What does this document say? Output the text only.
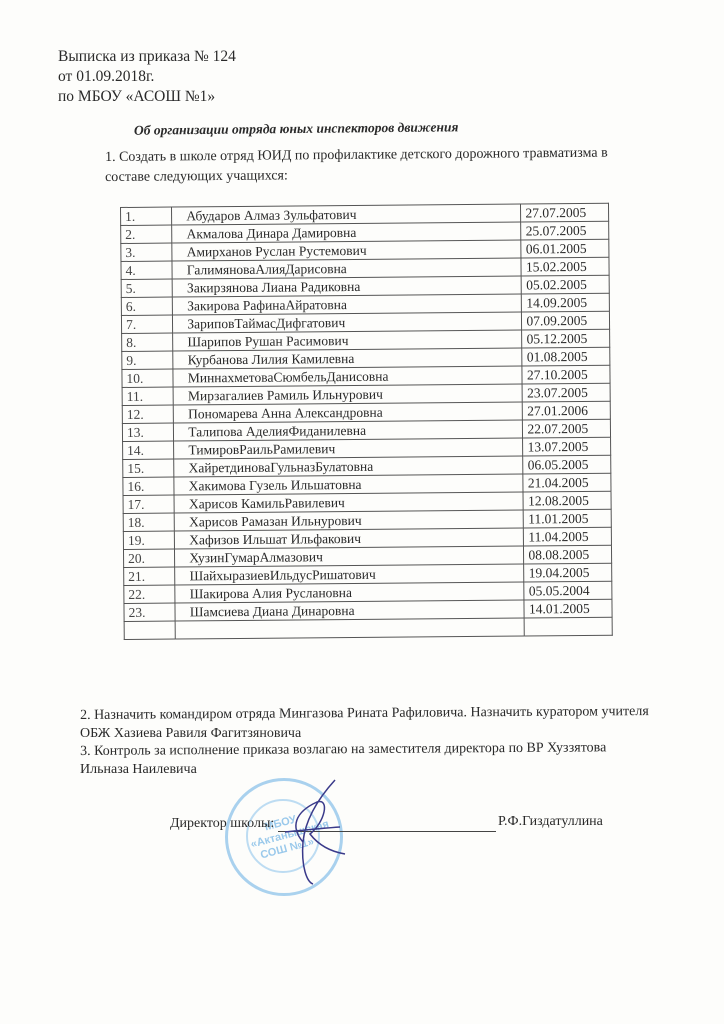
Выписка из приказа № 124
от 01.09.2018г.
по МБОУ «АСОШ №1»
Об организации отряда юных инспекторов движения
1. Создать в школе отряд ЮИД по профилактике детского дорожного травматизма в
составе следующих учащихся:
1.	Абударов Алмаз Зульфатович	27.07.2005
2.	Акмалова Динара Дамировна	25.07.2005
3.	Амирханов Руслан Рустемович	06.01.2005
4.	ГалимяноваАлияДарисовна	15.02.2005
5.	Закирзянова Лиана Радиковна	05.02.2005
6.	Закирова РафинаАйратовна	14.09.2005
7.	ЗариповТаймасДифгатович	07.09.2005
8.	Шарипов Рушан Расимович	05.12.2005
9.	Курбанова Лилия Камилевна	01.08.2005
10.	МиннахметоваСюмбельДанисовна	27.10.2005
11.	Мирзагалиев Рамиль Ильнурович	23.07.2005
12.	Пономарева Анна Александровна	27.01.2006
13.	Талипова АделияФиданилевна	22.07.2005
14.	ТимировРаильРамилевич	13.07.2005
15.	ХайретдиноваГульназБулатовна	06.05.2005
16.	Хакимова Гузель Ильшатовна	21.04.2005
17.	Харисов КамильРавилевич	12.08.2005
18.	Харисов Рамазан Ильнурович	11.01.2005
19.	Хафизов Ильшат Ильфакович	11.04.2005
20.	ХузинГумарАлмазович	08.08.2005
21.	ШайхыразиевИльдусРишатович	19.04.2005
22.	Шакирова Алия Руслановна	05.05.2004
23.	Шамсиева Диана Динаровна	14.01.2005

2. Назначить командиром отряда Мингазова Рината Рафиловича. Назначить куратором учителя
ОБЖ Хазиева Равиля Фагитзяновича
3. Контроль за исполнение приказа возлагаю на заместителя директора по ВР Хуззятова
Ильназа Наилевича
МБОУ «Актанышская СОШ №1»
Директор школы:	Р.Ф.Гиздатуллина
